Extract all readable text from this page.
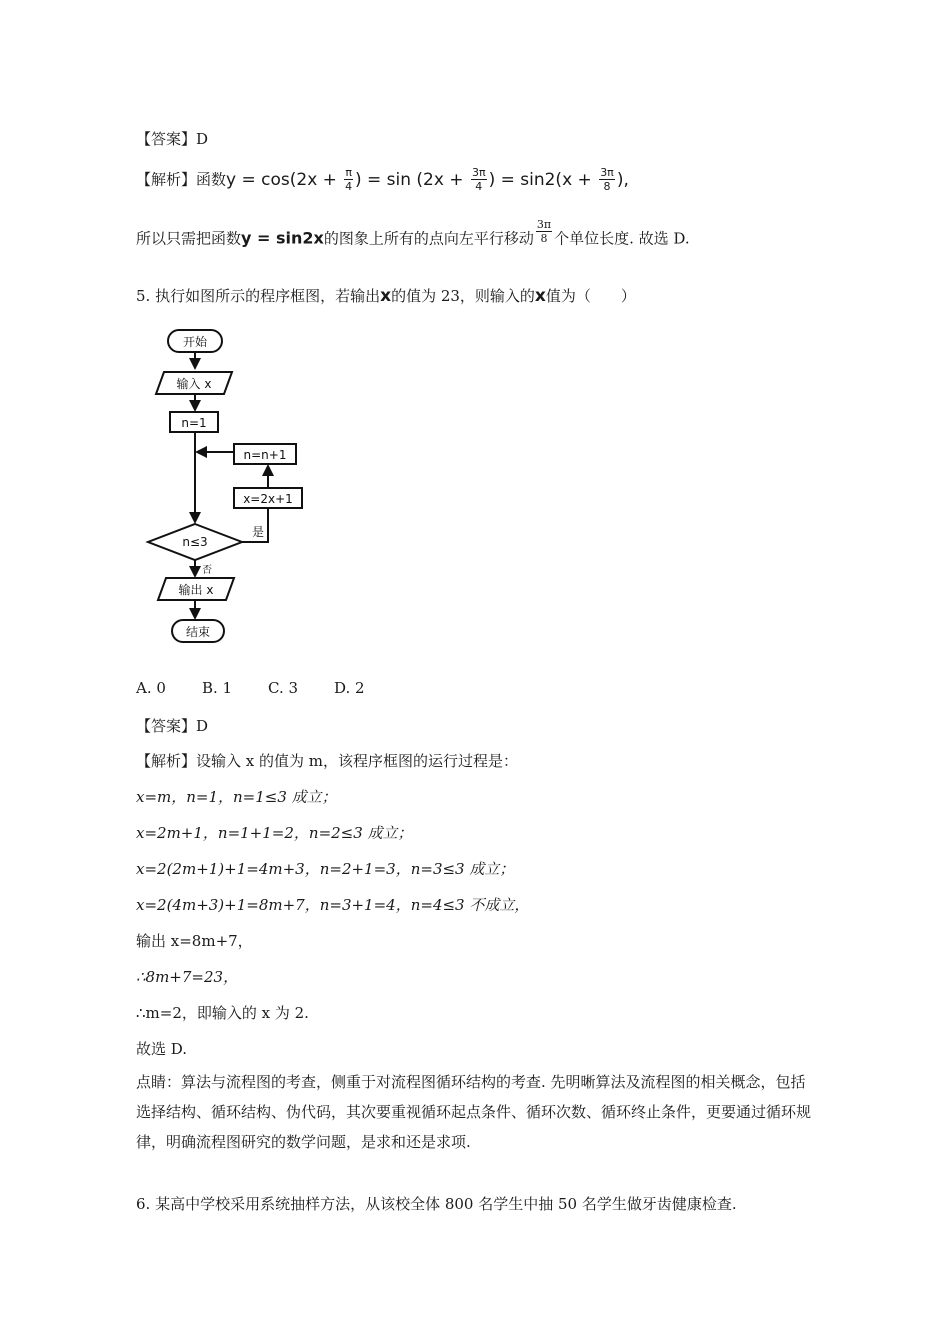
【答案】D
【解析】函数$y = \cos(2x + \frac{\pi}{4}$ ) = $\sin (2x + \frac{3\pi}{4}$ ) = $\sin 2(x + \frac{3\pi}{8}$ ),
所以只需把函数y = sin2x的图象上所有的点向左平行移动 $\frac{3\pi}{8}$ 个单位长度. 故选 D.
5. 执行如图所示的程序框图，若输出x的值为 23，则输入的x值为（　　）
开始
输入 x
n=1
n=n+1
x=2x+1
n≤3
是
否
输出 x
结束
A. 0 B. 1 C. 3 D. 2
【答案】D
【解析】设输入 x 的值为 m，该程序框图的运行过程是：
x=m，n=1，n=1≤3 成立；
x=2m+1，n=1+1=2，n=2≤3 成立；
x=2(2m+1)+1=4m+3，n=2+1=3，n=3≤3 成立；
x=2(4m+3)+1=8m+7，n=3+1=4，n=4≤3 不成立，
输出 x=8m+7，
∴8m+7=23，
∴m=2，即输入的 x 为 2.
故选 D.
点睛：算法与流程图的考查，侧重于对流程图循环结构的考查. 先明晰算法及流程图的相关概念，包括选择结构、循环结构、伪代码，其次要重视循环起点条件、循环次数、循环终止条件，更要通过循环规律，明确流程图研究的数学问题，是求和还是求项.
6. 某高中学校采用系统抽样方法，从该校全体 800 名学生中抽 50 名学生做牙齿健康检查.
